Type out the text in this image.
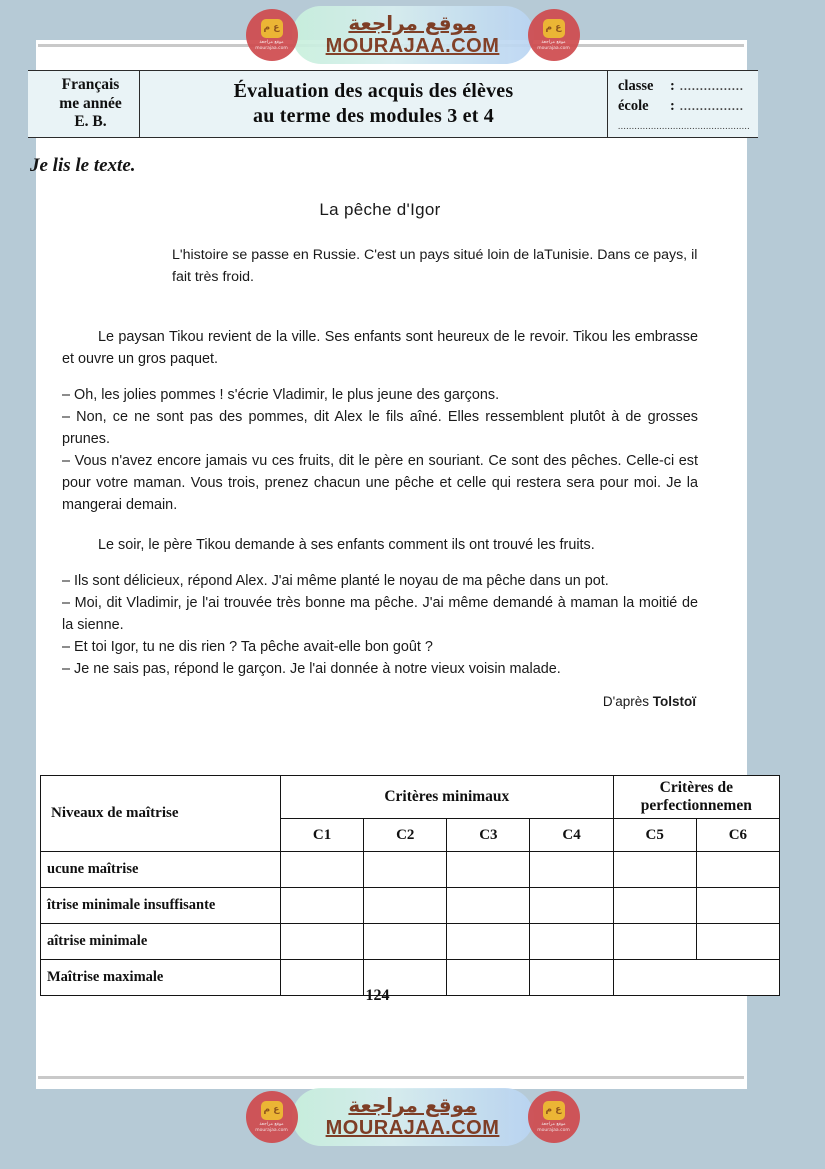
ع م
موقع مراجعة
mourajaa.com
موقع مراجعة
MOURAJAA.COM
ع م
موقع مراجعة
mourajaa.com
Français
me année
E. B.
Évaluation des acquis des élèves
au terme des modules 3 et 4
classe	: ................
école	: ................
................................................
Je lis le texte.
La pêche d'Igor
L'histoire se passe en Russie. C'est un pays situé loin de laTunisie. Dans ce pays, il fait très froid.
Le paysan Tikou revient de la ville. Ses enfants sont heureux de le revoir. Tikou les embrasse et ouvre un gros paquet.
– Oh, les jolies pommes ! s'écrie Vladimir, le plus jeune des garçons.
– Non, ce ne sont pas des pommes, dit Alex le fils aîné. Elles ressemblent plutôt à de grosses prunes.
– Vous n'avez encore jamais vu ces fruits, dit le père en souriant. Ce sont des pêches. Celle-ci est pour votre maman. Vous trois, prenez chacun une pêche et celle qui restera sera pour moi. Je la mangerai demain.
Le soir, le père Tikou demande à ses enfants comment ils ont trouvé les fruits.
– Ils sont délicieux, répond Alex. J'ai même planté le noyau de ma pêche dans un pot.
– Moi, dit Vladimir, je l'ai trouvée très bonne ma pêche. J'ai même demandé à maman la moitié de la sienne.
– Et toi Igor, tu ne dis rien ? Ta pêche avait-elle bon goût ?
– Je ne sais pas, répond le garçon. Je l'ai donnée à notre vieux voisin malade.
D'après Tolstoï
Niveaux de maîtrise	Critères minimaux				Critères de
perfectionnemen	
	C1	C2	C3	C4	C5	C6
ucune maîtrise						
îtrise minimale insuffisante						
aîtrise minimale						
Maîtrise maximale						
124
ع م
موقع مراجعة
mourajaa.com
موقع مراجعة
MOURAJAA.COM
ع م
موقع مراجعة
mourajaa.com
